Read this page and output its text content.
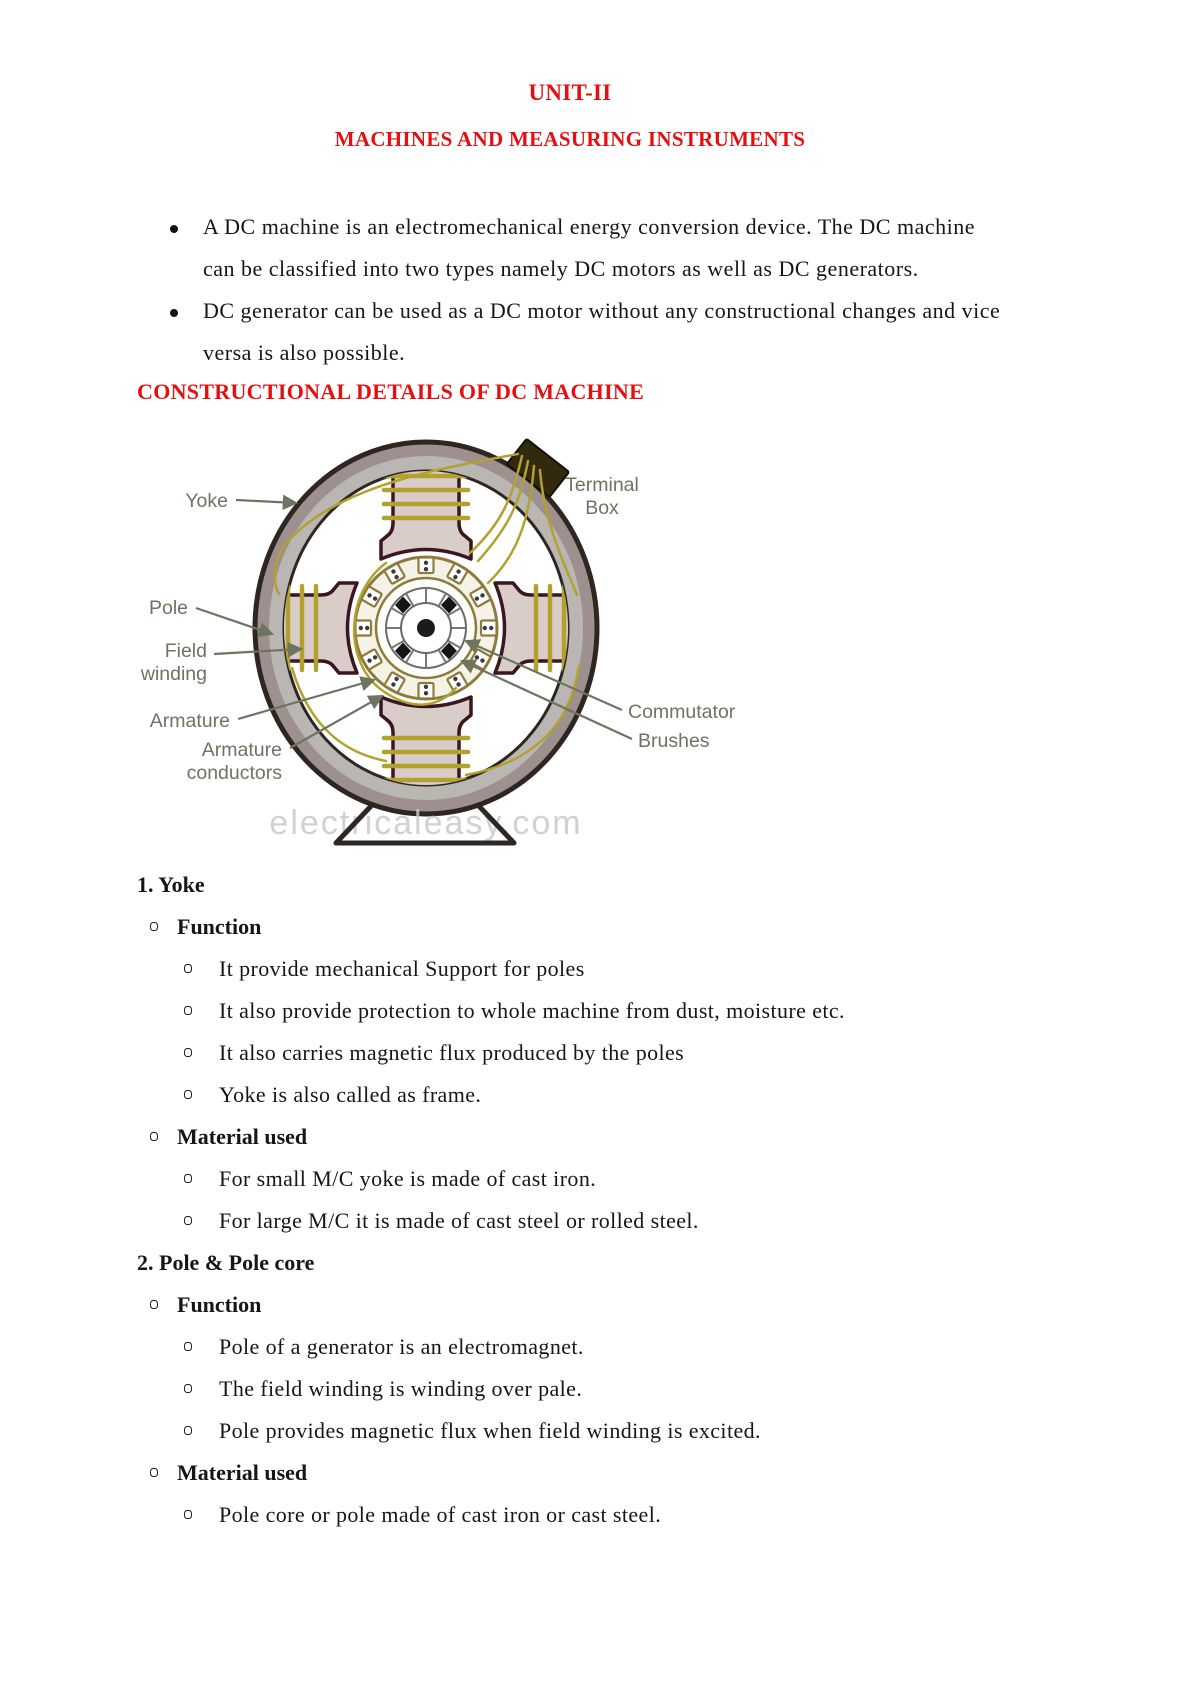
UNIT-II
MACHINES AND MEASURING INSTRUMENTS
A DC machine is an electromechanical energy conversion device. The DC machine
can be classified into two types namely DC motors as well as DC generators.
DC generator can be used as a DC motor without any constructional changes and vice
versa is also possible.
CONSTRUCTIONAL DETAILS OF DC MACHINE
electricaleasy.com
Yoke
Pole
Field
winding
Armature
Armature
conductors
Terminal
Box
Commutator
Brushes
1. Yoke
Function
It provide mechanical Support for poles
It also provide protection to whole machine from dust, moisture etc.
It also carries magnetic flux produced by the poles
Yoke is also called as frame.
Material used
For small M/C yoke is made of cast iron.
For large M/C it is made of cast steel or rolled steel.
2. Pole & Pole core
Function
Pole of a generator is an electromagnet.
The field winding is winding over pale.
Pole provides magnetic flux when field winding is excited.
Material used
Pole core or pole made of cast iron or cast steel.
